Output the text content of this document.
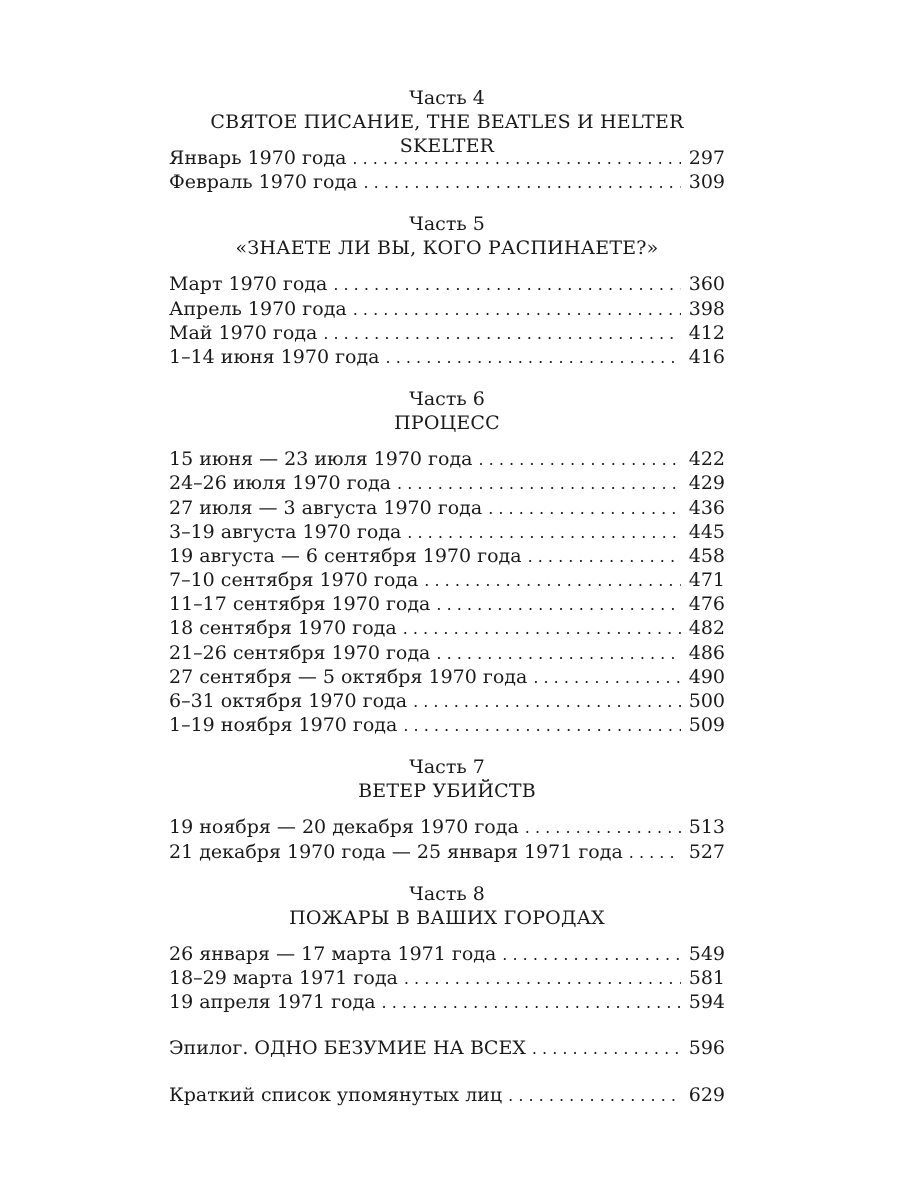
Часть 4
СВЯТОЕ ПИСАНИЕ, THE BEATLES И HELTER SKELTER
Январь 1970 года . . .	297
Февраль 1970 года . . .	309
Часть 5
«ЗНАЕТЕ ЛИ ВЫ, КОГО РАСПИНАЕТЕ?»
Март 1970 года . . .	360
Апрель 1970 года . . .	398
Май 1970 года . . .	412
1–14 июня 1970 года . . .	416
Часть 6
ПРОЦЕСС
15 июня — 23 июля 1970 года . . .	422
24–26 июля 1970 года . . .	429
27 июля — 3 августа 1970 года . . .	436
3–19 августа 1970 года . . .	445
19 августа — 6 сентября 1970 года . . .	458
7–10 сентября 1970 года . . .	471
11–17 сентября 1970 года . . .	476
18 сентября 1970 года . . .	482
21–26 сентября 1970 года . . .	486
27 сентября — 5 октября 1970 года . . .	490
6–31 октября 1970 года . . .	500
1–19 ноября 1970 года . . .	509
Часть 7
ВЕТЕР УБИЙСТВ
19 ноября — 20 декабря 1970 года . . .	513
21 декабря 1970 года — 25 января 1971 года . . .	527
Часть 8
ПОЖАРЫ В ВАШИХ ГОРОДАХ
26 января — 17 марта 1971 года . . .	549
18–29 марта 1971 года . . .	581
19 апреля 1971 года . . .	594
Эпилог. ОДНО БЕЗУМИЕ НА ВСЕХ . . .	596
Краткий список упомянутых лиц . . .	629
